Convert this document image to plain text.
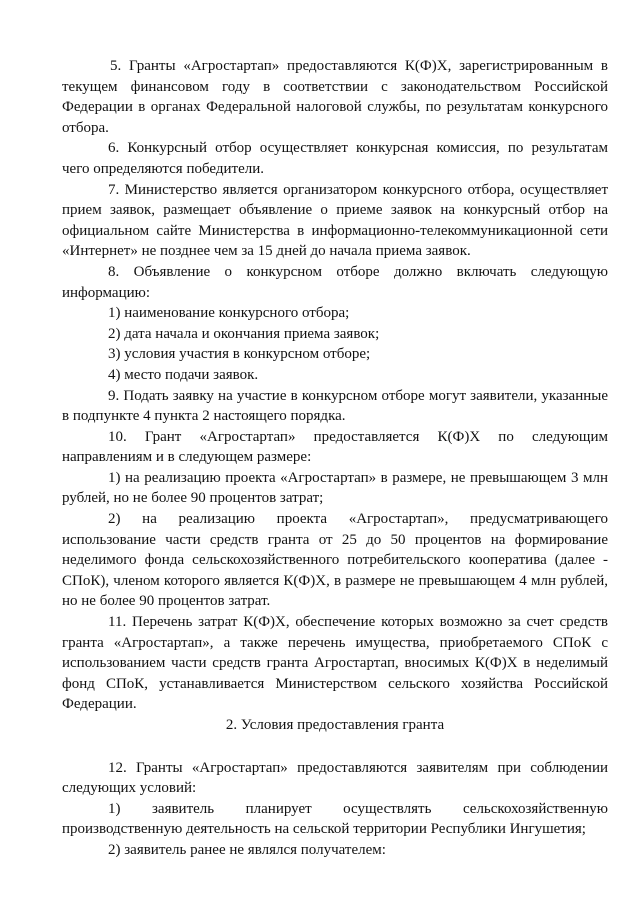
5. Гранты «Агростартап» предоставляются К(Ф)Х, зарегистрированным в текущем финансовом году в соответствии с законодательством Российской Федерации в органах Федеральной налоговой службы, по результатам конкурсного отбора.

6. Конкурсный отбор осуществляет конкурсная комиссия, по результатам чего определяются победители.

7. Министерство является организатором конкурсного отбора, осуществляет прием заявок, размещает объявление о приеме заявок на конкурсный отбор на официальном сайте Министерства в информационно-телекоммуникационной сети «Интернет» не позднее чем за 15 дней до начала приема заявок.

8. Объявление о конкурсном отборе должно включать следующую информацию:

1) наименование конкурсного отбора;

2) дата начала и окончания приема заявок;

3) условия участия в конкурсном отборе;

4) место подачи заявок.

9. Подать заявку на участие в конкурсном отборе могут заявители, указанные в подпункте 4 пункта 2 настоящего порядка.

10. Грант «Агростартап» предоставляется К(Ф)Х по следующим направлениям и в следующем размере:

1) на реализацию проекта «Агростартап» в размере, не превышающем 3 млн рублей, но не более 90 процентов затрат;

2) на реализацию проекта «Агростартап», предусматривающего использование части средств гранта от 25 до 50 процентов на формирование неделимого фонда сельскохозяйственного потребительского кооператива (далее - СПоК), членом которого является К(Ф)Х, в размере не превышающем 4 млн рублей, но не более 90 процентов затрат.

11. Перечень затрат К(Ф)Х, обеспечение которых возможно за счет средств гранта «Агростартап», а также перечень имущества, приобретаемого СПоК с использованием части средств гранта Агростартап, вносимых К(Ф)Х в неделимый фонд СПоК, устанавливается Министерством сельского хозяйства Российской Федерации.

2. Условия предоставления гранта

12. Гранты «Агростартап» предоставляются заявителям при соблюдении следующих условий:

1) заявитель планирует осуществлять сельскохозяйственную производственную деятельность на сельской территории Республики Ингушетия;

2) заявитель ранее не являлся получателем:
